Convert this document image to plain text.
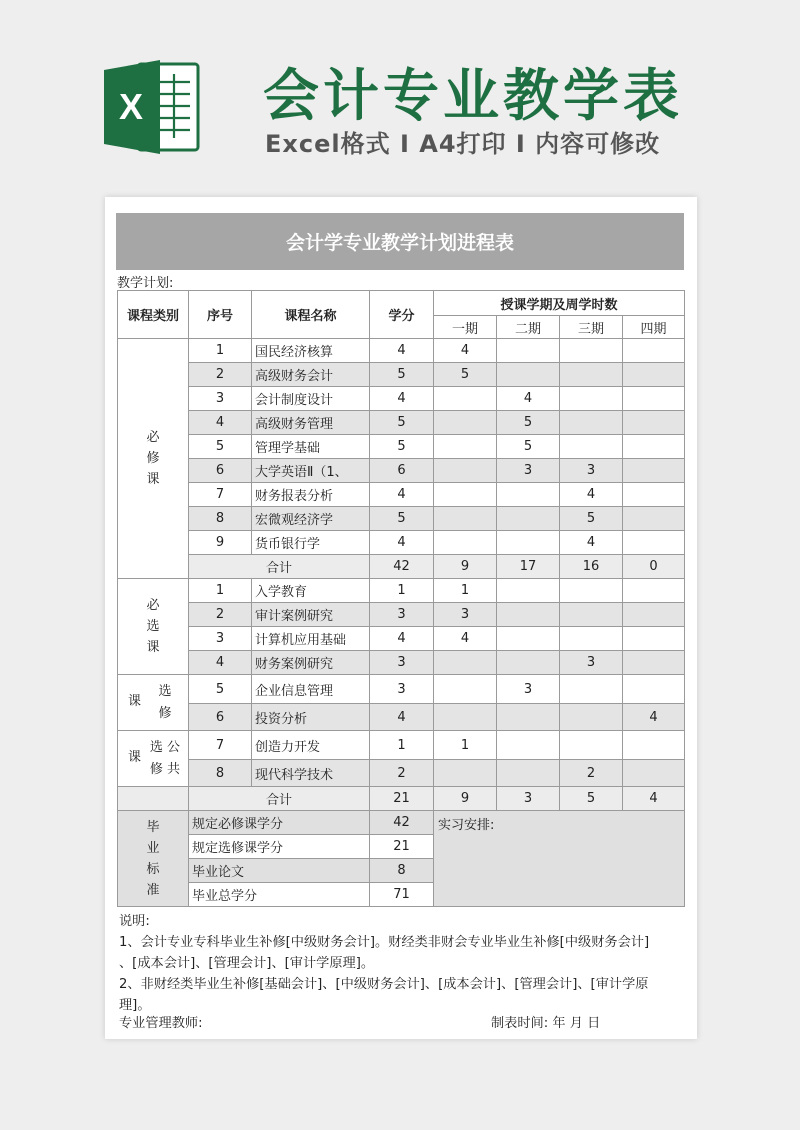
X 会计专业教学表
Excel格式 I A4打印 I 内容可修改
会计学专业教学计划进程表
教学计划:
课程类别	序号	课程名称	学分	授课学期及周学时数			
				一期	二期	三期	四期
必
修
课	1	国民经济核算	4	4			
	2	高级财务会计	5	5			
	3	会计制度设计	4		4		
	4	高级财务管理	5		5		
	5	管理学基础	5		5		
	6	大学英语Ⅱ（1、	6		3	3	
	7	财务报表分析	4			4	
	8	宏微观经济学	5			5	
	9	货币银行学	4			4	
	合计		42	9	17	16	0
必
选
课	1	入学教育	1	1			
	2	审计案例研究	3	3			
	3	计算机应用基础	4	4			
	4	财务案例研究	3			3	

选
课
修	5	企业信息管理	3		3		
	6	投资分析	4				4

选 公
课
修 共	7	创造力开发	1	1			
	8	现代科学技术	2			2	
	合计		21	9	3	5	4
毕
业
标
准	规定必修课学分		42	实习安排:			
	规定选修课学分		21				
	毕业论文		8				
	毕业总学分		71				
说明:
1、会计专业专科毕业生补修[中级财务会计]。财经类非财会专业毕业生补修[中级财务会计]
、[成本会计]、[管理会计]、[审计学原理]。
2、非财经类毕业生补修[基础会计]、[中级财务会计]、[成本会计]、[管理会计]、[审计学原
理]。
专业管理教师:	制表时间: 年 月 日
